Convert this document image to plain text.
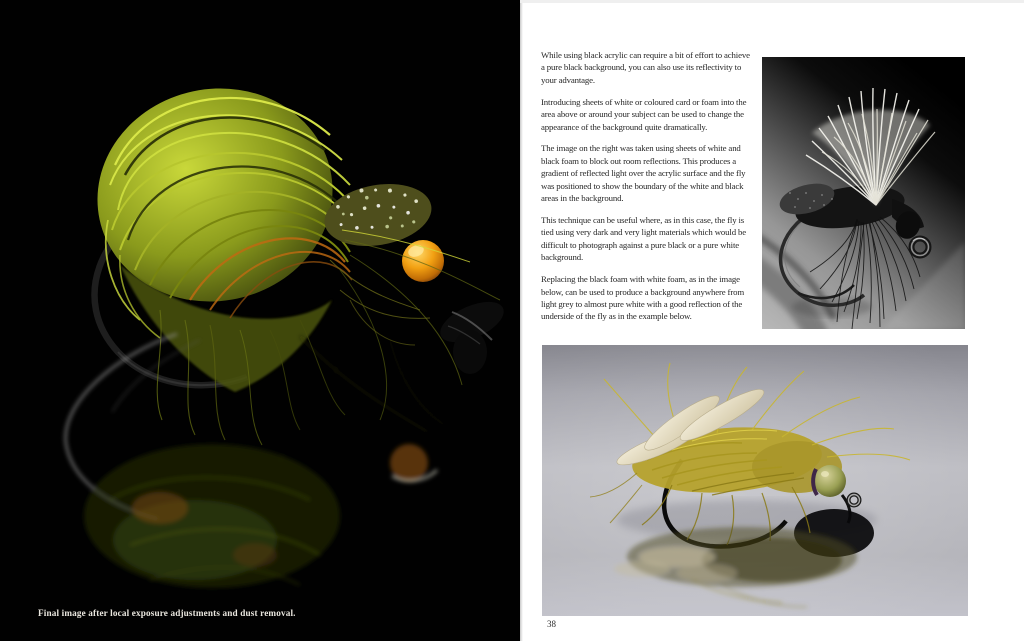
Final image after local exposure adjustments and dust removal.

While using black acrylic can require a bit of effort to achieve a pure black background, you can also use its reflectivity to your advantage.

Introducing sheets of white or coloured card or foam into the area above or around your subject can be used to change the appearance of the background quite dramatically.

The image on the right was taken using sheets of white and black foam to block out room reflections. This produces a gradient of reflected light over the acrylic surface and the fly was positioned to show the boundary of the white and black areas in the background.

This technique can be useful where, as in this case, the fly is tied using very dark and very light materials which would be difficult to photograph against a pure black or a pure white background.

Replacing the black foam with white foam, as in the image below, can be used to produce a background anywhere from light grey to almost pure white with a good reflection of the underside of the fly as in the example below.

38
